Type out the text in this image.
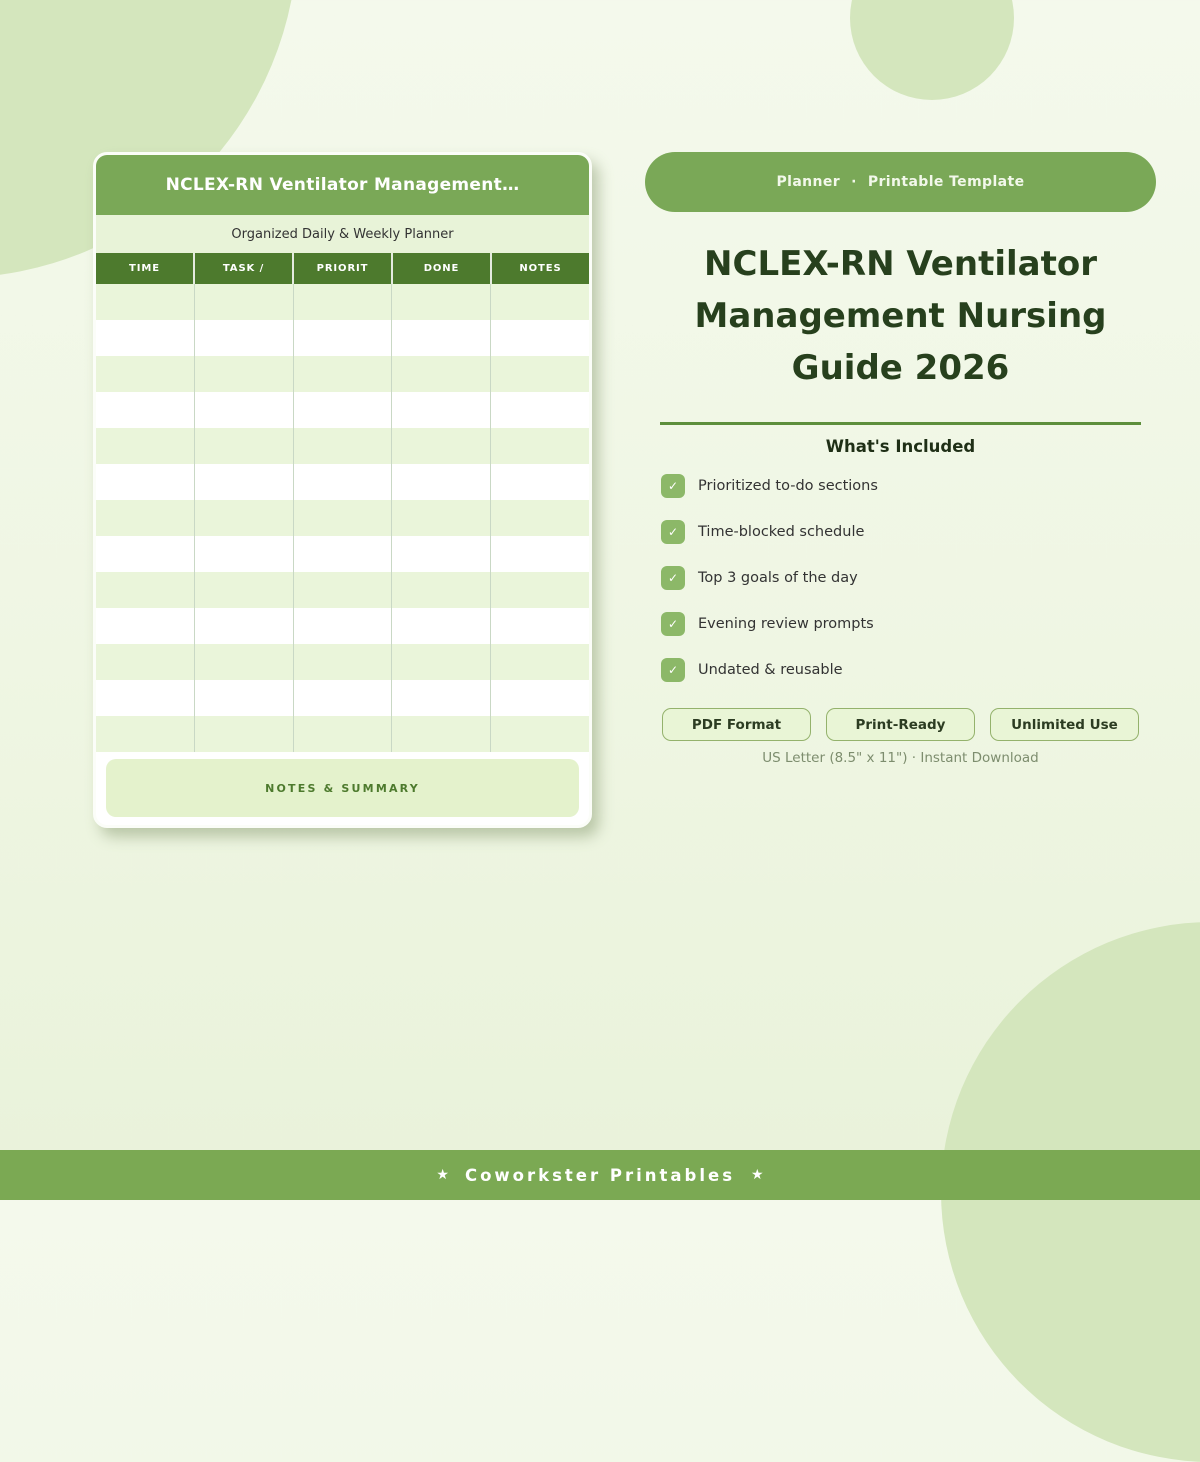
NCLEX-RN Ventilator Management…
Organized Daily & Weekly Planner
TIME	TASK /	PRIORIT	DONE	NOTES
NOTES & SUMMARY
Planner · Printable Template
NCLEX-RN Ventilator Management Nursing Guide 2026
What's Included
✓	Prioritized to-do sections
✓	Time-blocked schedule
✓	Top 3 goals of the day
✓	Evening review prompts
✓	Undated & reusable
PDF Format	Print-Ready	Unlimited Use
US Letter (8.5" x 11") · Instant Download
★ Coworkster Printables ★
